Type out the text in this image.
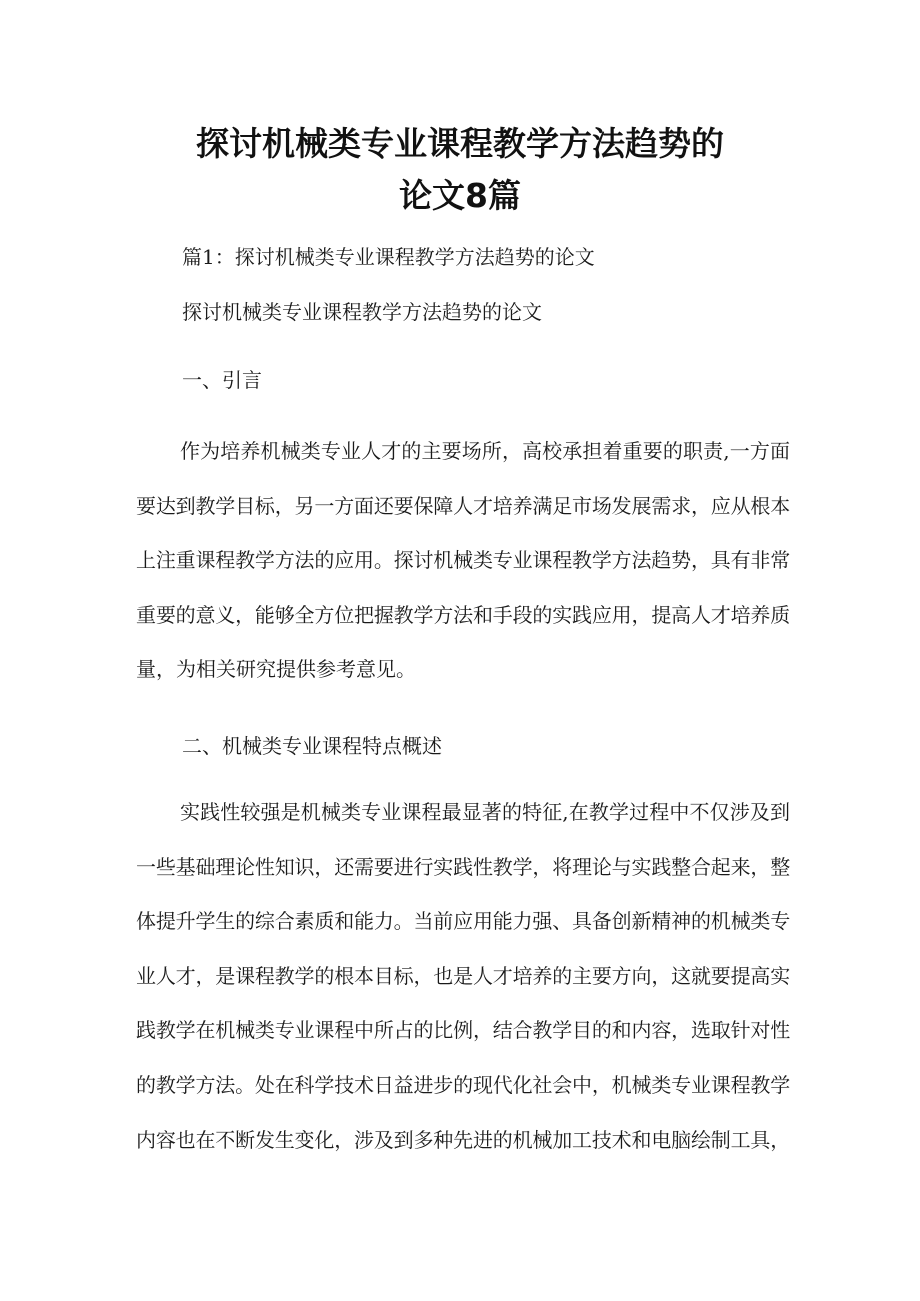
探讨机械类专业课程教学方法趋势的
论文8篇
篇1：探讨机械类专业课程教学方法趋势的论文
探讨机械类专业课程教学方法趋势的论文
一、引言
作为培养机械类专业人才的主要场所，高校承担着重要的职责,一方面
要达到教学目标，另一方面还要保障人才培养满足市场发展需求，应从根本
上注重课程教学方法的应用。探讨机械类专业课程教学方法趋势，具有非常
重要的意义，能够全方位把握教学方法和手段的实践应用，提高人才培养质
量，为相关研究提供参考意见。
二、机械类专业课程特点概述
实践性较强是机械类专业课程最显著的特征,在教学过程中不仅涉及到
一些基础理论性知识，还需要进行实践性教学，将理论与实践整合起来，整
体提升学生的综合素质和能力。当前应用能力强、具备创新精神的机械类专
业人才，是课程教学的根本目标，也是人才培养的主要方向，这就要提高实
践教学在机械类专业课程中所占的比例，结合教学目的和内容，选取针对性
的教学方法。处在科学技术日益进步的现代化社会中，机械类专业课程教学
内容也在不断发生变化，涉及到多种先进的机械加工技术和电脑绘制工具，
